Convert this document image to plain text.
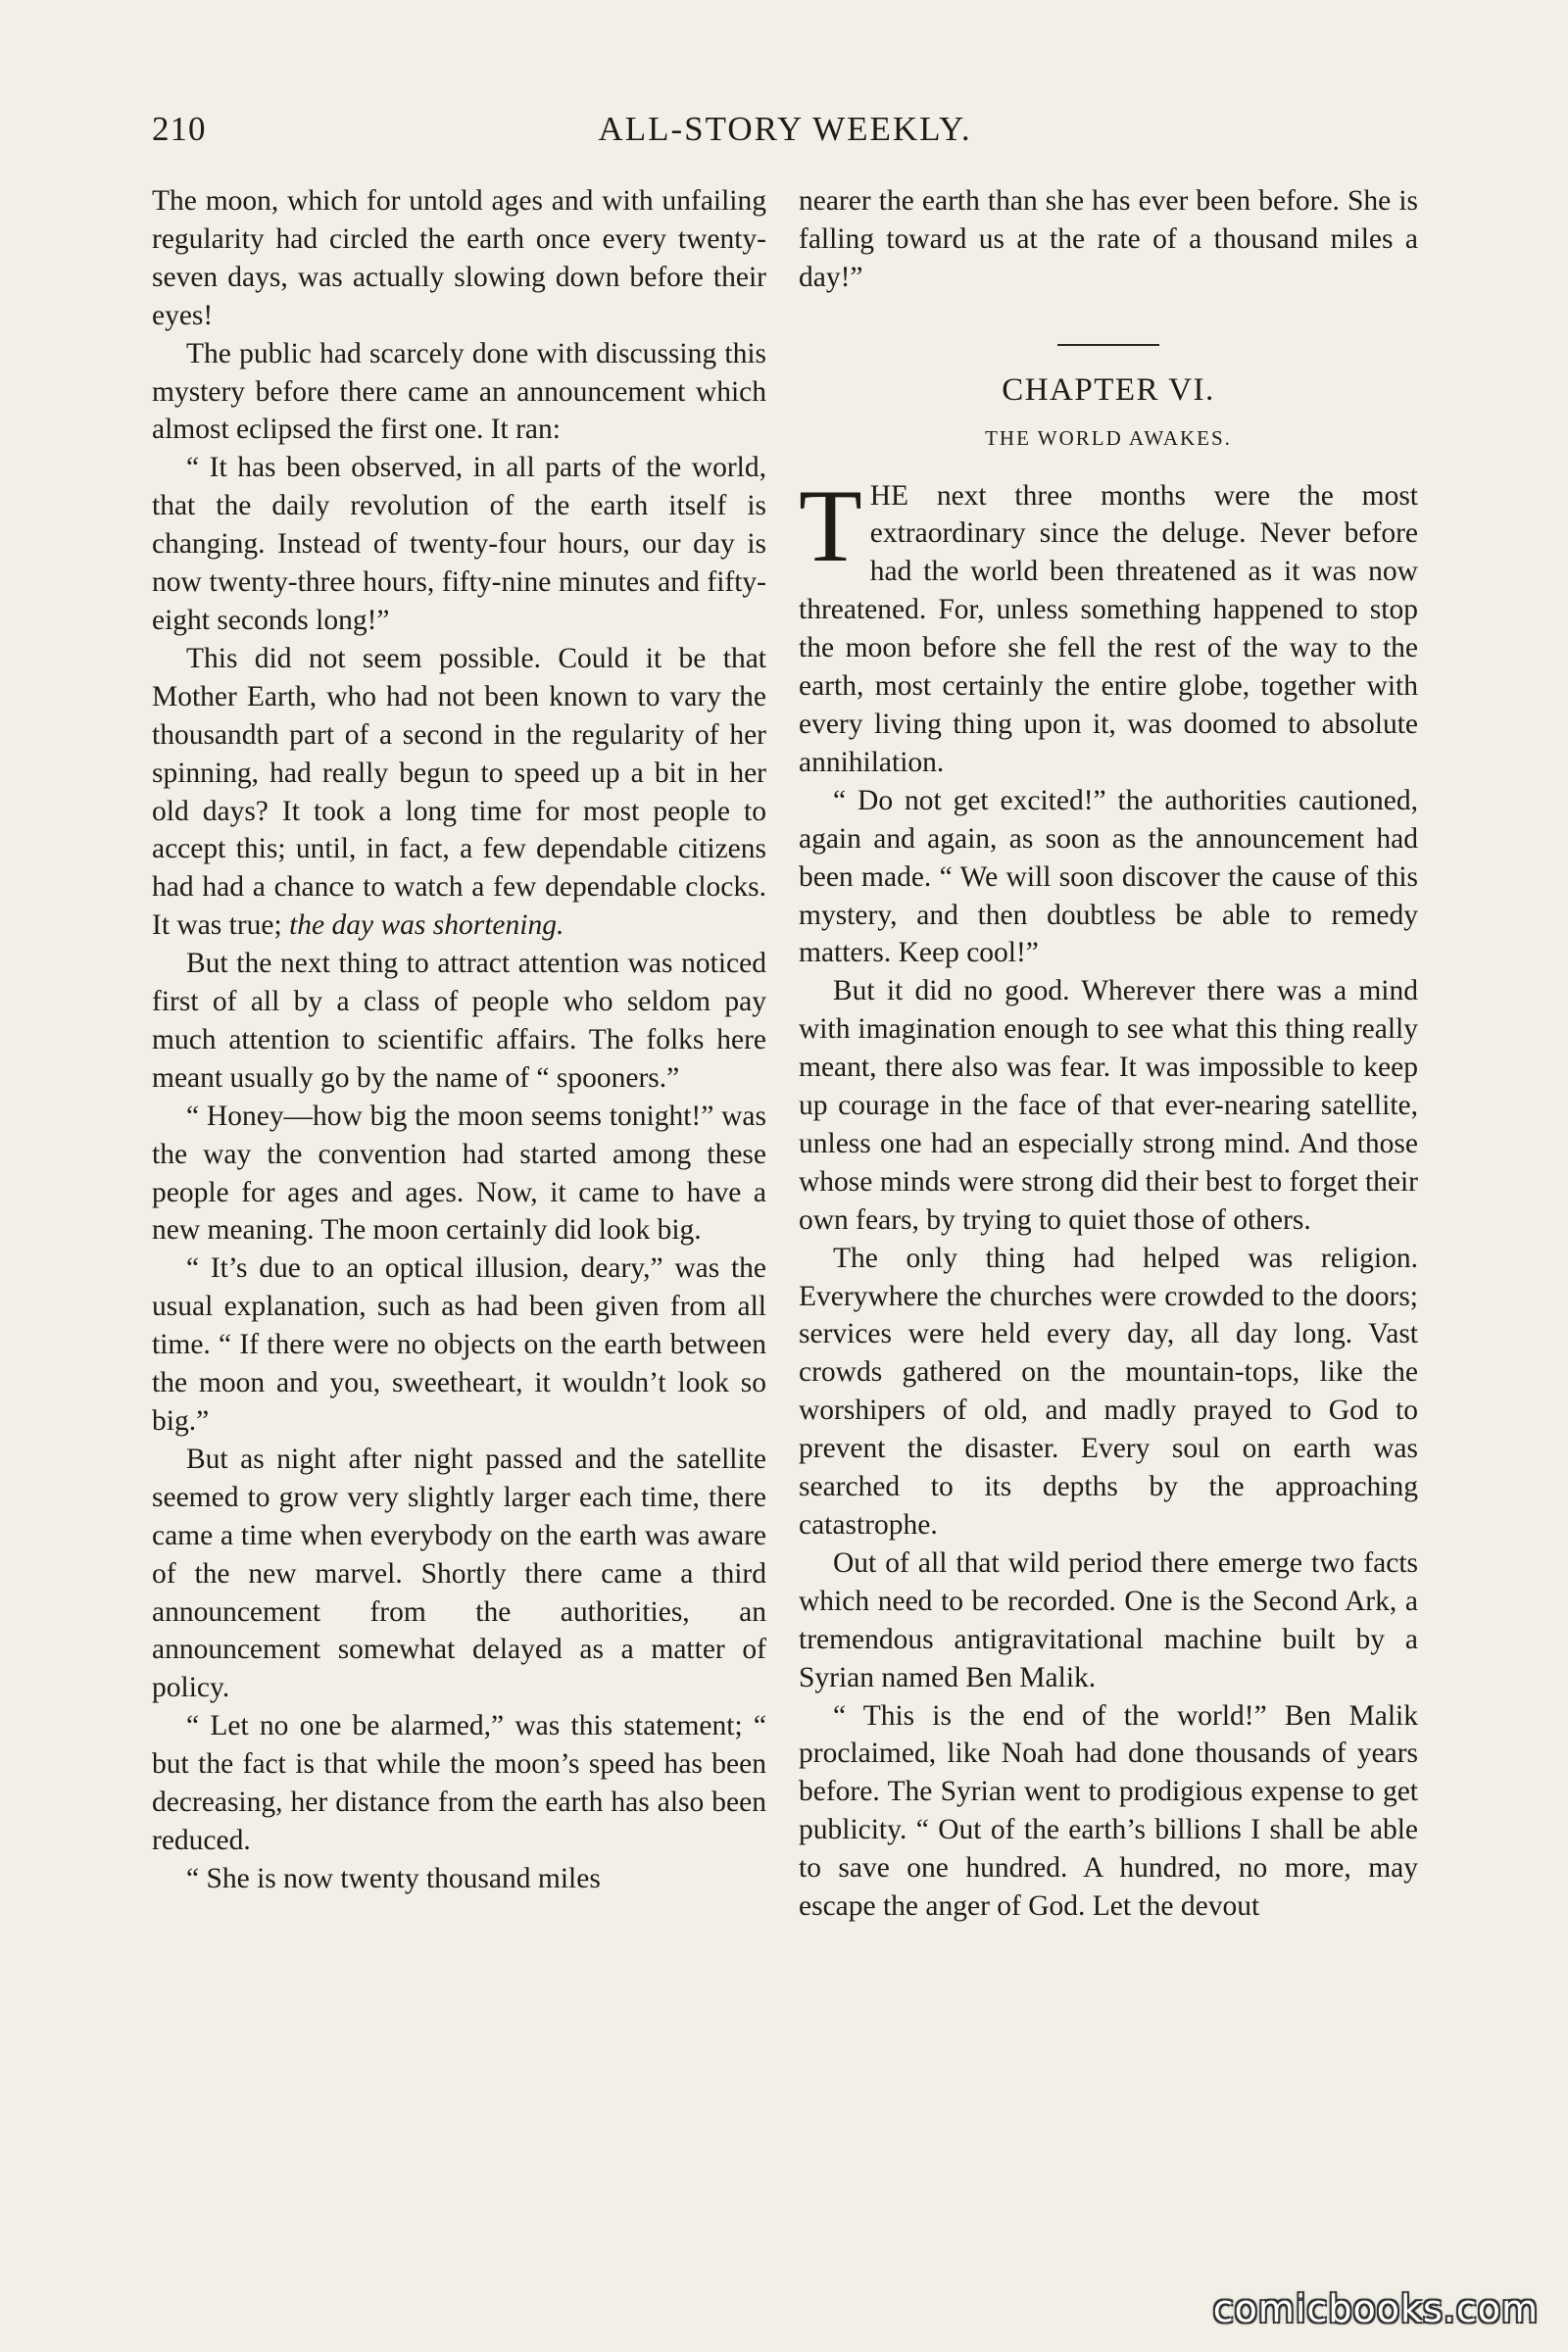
210	ALL-STORY WEEKLY.

The moon, which for untold ages and with unfailing regularity had circled the earth once every twenty-seven days, was actually slowing down before their eyes!

The public had scarcely done with discussing this mystery before there came an announcement which almost eclipsed the first one. It ran:

“ It has been observed, in all parts of the world, that the daily revolution of the earth itself is changing. Instead of twenty-four hours, our day is now twenty-three hours, fifty-nine minutes and fifty-eight seconds long!”

This did not seem possible. Could it be that Mother Earth, who had not been known to vary the thousandth part of a second in the regularity of her spinning, had really begun to speed up a bit in her old days? It took a long time for most people to accept this; until, in fact, a few dependable citizens had had a chance to watch a few dependable clocks. It was true; the day was shortening.

But the next thing to attract attention was noticed first of all by a class of people who seldom pay much attention to scientific affairs. The folks here meant usually go by the name of “ spooners.”

“ Honey—how big the moon seems tonight!” was the way the convention had started among these people for ages and ages. Now, it came to have a new meaning. The moon certainly did look big.

“ It’s due to an optical illusion, deary,” was the usual explanation, such as had been given from all time. “ If there were no objects on the earth between the moon and you, sweetheart, it wouldn’t look so big.”

But as night after night passed and the satellite seemed to grow very slightly larger each time, there came a time when everybody on the earth was aware of the new marvel. Shortly there came a third announcement from the authorities, an announcement somewhat delayed as a matter of policy.

“ Let no one be alarmed,” was this statement; “ but the fact is that while the moon’s speed has been decreasing, her distance from the earth has also been reduced.

“ She is now twenty thousand miles

nearer the earth than she has ever been before. She is falling toward us at the rate of a thousand miles a day!”

CHAPTER VI.
THE WORLD AWAKES.

THE next three months were the most extraordinary since the deluge. Never before had the world been threatened as it was now threatened. For, unless something happened to stop the moon before she fell the rest of the way to the earth, most certainly the entire globe, together with every living thing upon it, was doomed to absolute annihilation.

“ Do not get excited!” the authorities cautioned, again and again, as soon as the announcement had been made. “ We will soon discover the cause of this mystery, and then doubtless be able to remedy matters. Keep cool!”

But it did no good. Wherever there was a mind with imagination enough to see what this thing really meant, there also was fear. It was impossible to keep up courage in the face of that ever-nearing satellite, unless one had an especially strong mind. And those whose minds were strong did their best to forget their own fears, by trying to quiet those of others.

The only thing had helped was religion. Everywhere the churches were crowded to the doors; services were held every day, all day long. Vast crowds gathered on the mountain-tops, like the worshipers of old, and madly prayed to God to prevent the disaster. Every soul on earth was searched to its depths by the approaching catastrophe.

Out of all that wild period there emerge two facts which need to be recorded. One is the Second Ark, a tremendous antigravitational machine built by a Syrian named Ben Malik.

“ This is the end of the world!” Ben Malik proclaimed, like Noah had done thousands of years before. The Syrian went to prodigious expense to get publicity. “ Out of the earth’s billions I shall be able to save one hundred. A hundred, no more, may escape the anger of God. Let the devout

comicbooks.com
